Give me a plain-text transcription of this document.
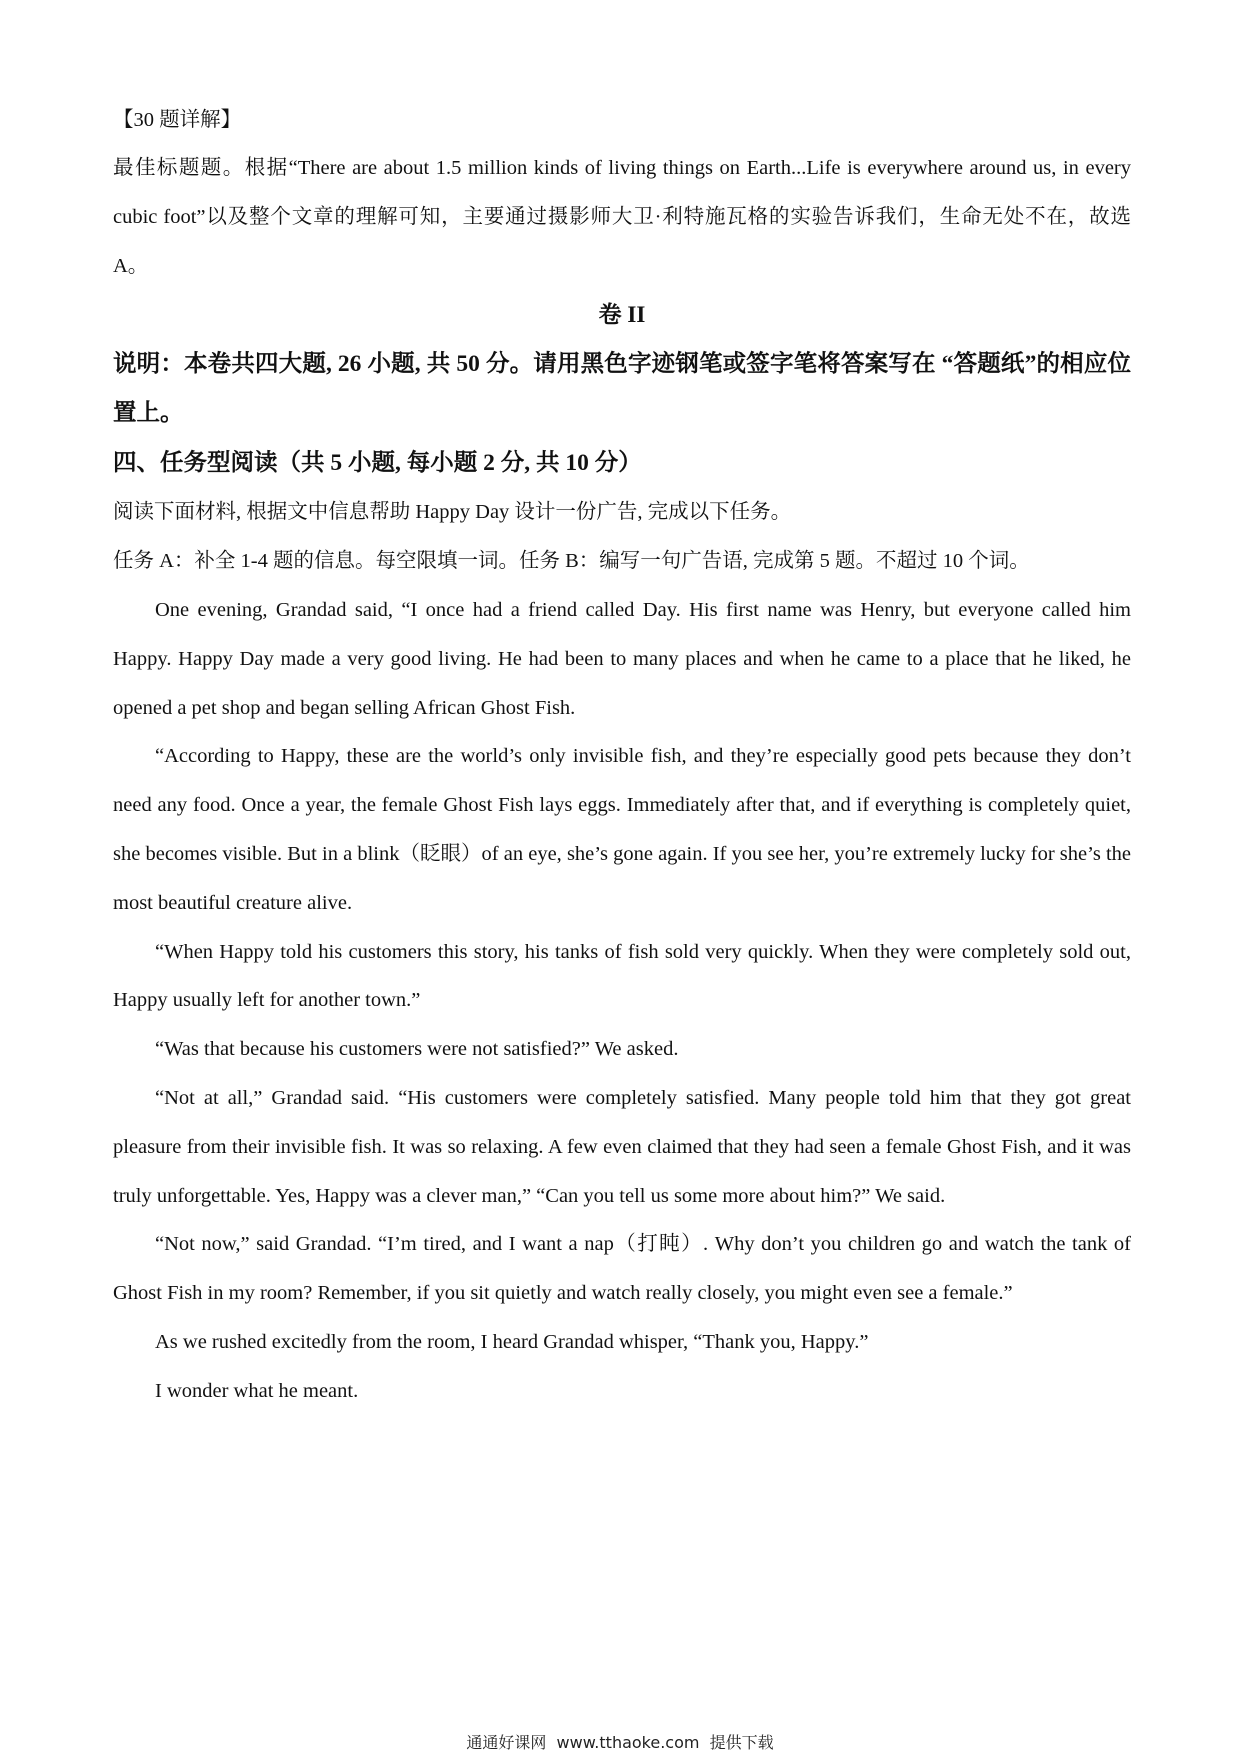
【30 题详解】

最佳标题题。根据“There are about 1.5 million kinds of living things on Earth...Life is everywhere around us, in every cubic foot”以及整个文章的理解可知，主要通过摄影师大卫·利特施瓦格的实验告诉我们，生命无处不在，故选 A。

卷 II

说明：本卷共四大题, 26 小题, 共 50 分。请用黑色字迹钢笔或签字笔将答案写在 “答题纸”的相应位置上。

四、任务型阅读（共 5 小题, 每小题 2 分, 共 10 分）

阅读下面材料, 根据文中信息帮助 Happy Day 设计一份广告, 完成以下任务。

任务 A：补全 1-4 题的信息。每空限填一词。任务 B：编写一句广告语, 完成第 5 题。不超过 10 个词。

One evening, Grandad said, “I once had a friend called Day. His first name was Henry, but everyone called him Happy. Happy Day made a very good living. He had been to many places and when he came to a place that he liked, he opened a pet shop and began selling African Ghost Fish.

“According to Happy, these are the world’s only invisible fish, and they’re especially good pets because they don’t need any food. Once a year, the female Ghost Fish lays eggs. Immediately after that, and if everything is completely quiet, she becomes visible. But in a blink（眨眼）of an eye, she’s gone again. If you see her, you’re extremely lucky for she’s the most beautiful creature alive.

“When Happy told his customers this story, his tanks of fish sold very quickly. When they were completely sold out, Happy usually left for another town.”

“Was that because his customers were not satisfied?” We asked.

“Not at all,” Grandad said. “His customers were completely satisfied. Many people told him that they got great pleasure from their invisible fish. It was so relaxing. A few even claimed that they had seen a female Ghost Fish, and it was truly unforgettable. Yes, Happy was a clever man,” “Can you tell us some more about him?” We said.

“Not now,” said Grandad. “I’m tired, and I want a nap（打盹）. Why don’t you children go and watch the tank of Ghost Fish in my room? Remember, if you sit quietly and watch really closely, you might even see a female.”

As we rushed excitedly from the room, I heard Grandad whisper, “Thank you, Happy.”

I wonder what he meant.

通通好课网  www.tthaoke.com  提供下载
